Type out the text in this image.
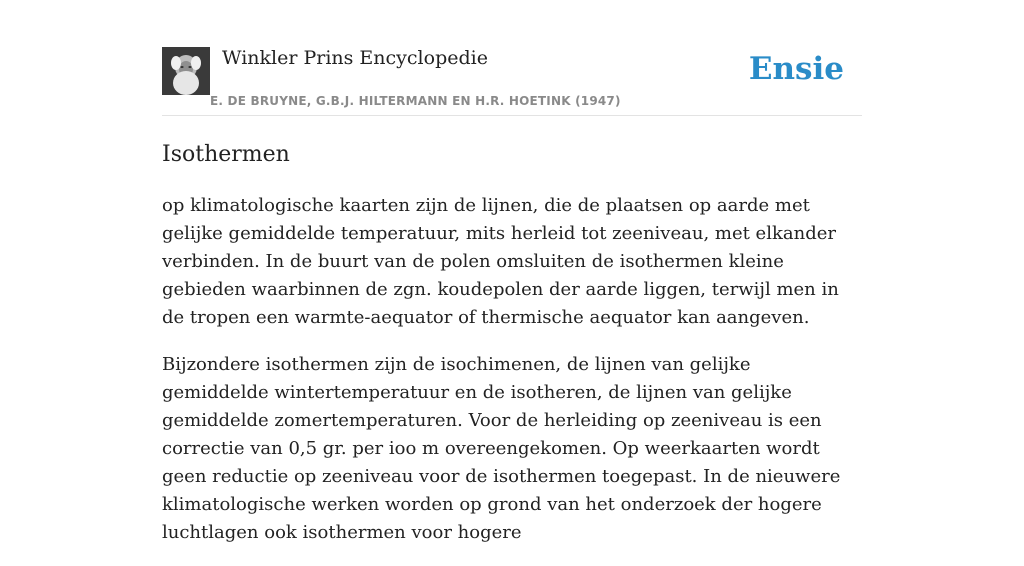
Winkler Prins Encyclopedie
E. DE BRUYNE, G.B.J. HILTERMANN EN H.R. HOETINK (1947)
Ensie
Isothermen

op klimatologische kaarten zijn de lijnen, die de plaatsen op aarde met gelijke gemiddelde temperatuur, mits herleid tot zeeniveau, met elkander verbinden. In de buurt van de polen omsluiten de isothermen kleine gebieden waarbinnen de zgn. koudepolen der aarde liggen, terwijl men in de tropen een warmte-aequator of thermische aequator kan aangeven.

Bijzondere isothermen zijn de isochimenen, de lijnen van gelijke gemiddelde wintertemperatuur en de isotheren, de lijnen van gelijke gemiddelde zomertemperaturen. Voor de herleiding op zeeniveau is een correctie van 0,5 gr. per ioo m overeengekomen. Op weerkaarten wordt geen reductie op zeeniveau voor de isothermen toegepast. In de nieuwere klimatologische werken worden op grond van het onderzoek der hogere luchtlagen ook isothermen voor hogere
